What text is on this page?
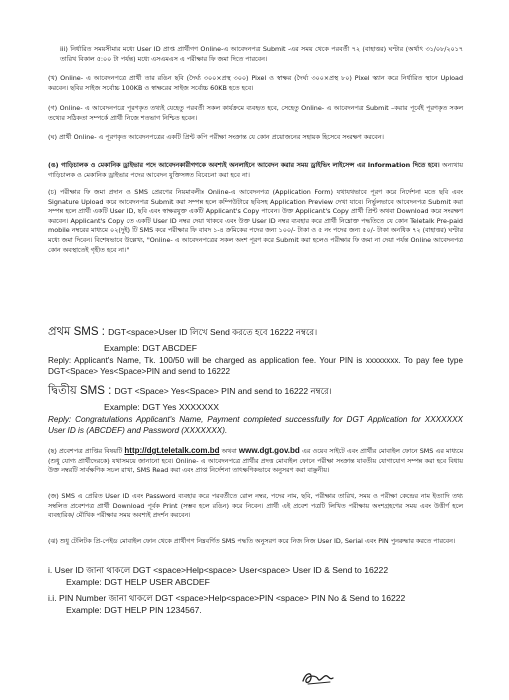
iii) নির্ধারিত সময়সীমার মধ্যে User ID প্রাপ্ত প্রার্থীগণ Online-এ আবেদনপত্র Submit -এর সময় থেকে পরবর্তী ৭২ (বাহাত্তর) ঘণ্টার (অর্থাৎ ৩১/০৮/২০১৭ তারিখ বিকাল ৫:০০ টা পর্যন্ত) মধ্যে এসএমএস এ পরীক্ষার ফি জমা দিতে পারবেন।

(খ) Online- এ আবেদনপত্রে প্রার্থী তার রঙিন ছবি (দৈর্ঘ্য ৩০০×প্রস্থ ৩০০) Pixel ও স্বাক্ষর (দৈর্ঘ্য ৩০০×প্রস্থ ৮০) Pixel স্ক্যান করে নির্ধারিত স্থানে Upload করবেন। ছবির সাইজ সর্বোচ্চ 100KB ও স্বাক্ষরের সাইজ সর্বোচ্চ 60KB হতে হবে।

(গ) Online- এ আবেদনপত্রে পূরণকৃত তথ্যই যেহেতু পরবর্তী সকল কার্যক্রমে ব্যবহৃত হবে, সেহেতু Online- এ আবেদনপত্র Submit –করার পূর্বেই পূরণকৃত সকল তথ্যের সঠিকতা সম্পর্কে প্রার্থী নিজে শতভাগ নিশ্চিত হবেন।

(ঘ) প্রার্থী Online- এ পূরণকৃত আবেদনপত্রের একটি প্রিন্ট কপি পরীক্ষা সংক্রান্ত যে কোন প্রয়োজনের সহায়ক হিসেবে সংরক্ষণ করবেন।

(ঙ) গাড়িচালক ও মেকানিক ড্রাইভার পদে আবেদনকারীগণকে অবশ্যই অনলাইনে আবেদন করার সময় ড্রাইভিং লাইসেন্স এর Information দিতে হবে। অন্যথায় গাড়িচালক ও মেকানিক ড্রাইভার পদের আবেদন যুক্তিসঙ্গত বিবেচনা করা হবে না।

(চ) পরীক্ষার ফি জমা প্রদান ও SMS প্রেরণের নিয়মাবলীঃ Online-এ আবেদনপত্র (Application Form) যথাযথভাবে পূরণ করে নির্দেশনা মতে ছবি এবং Signature Upload করে আবেদনপত্র Submit করা সম্পন্ন হলে কম্পিউটারে ছবিসহ Application Preview দেখা যাবে। নির্ভুলভাবে আবেদনপত্র Submit করা সম্পন্ন হলে প্রার্থী একটি User ID, ছবি এবং স্বাক্ষরযুক্ত একটি Applicant's Copy পাবেন। উক্ত Applicant's Copy প্রার্থী প্রিন্ট অথবা Download করে সংরক্ষণ করবেন। Applicant's Copy তে একটি User ID নম্বর দেয়া থাকবে এবং উক্ত User ID নম্বর ব্যবহার করে প্রার্থী নিম্নোক্ত পদ্ধতিতে যে কোন Teletalk Pre-paid mobile নম্বরের মাধ্যমে ০২(দুই) টি SMS করে পরীক্ষার ফি বাবদ ১-৪ ক্রমিকের পদের জন্য ১০০/- টাকা ও ৫ নং পদের জন্য ৫০/- টাকা অনধিক ৭২ (বাহাত্তর) ঘণ্টার মধ্যে জমা দিবেন। বিশেষভাবে উল্লেখ্য, "Online- এ আবেদনপত্রের সকল অংশ পূরণ করে Submit করা হলেও পরীক্ষার ফি জমা না দেয়া পর্যন্ত Online আবেদনপত্র কোন অবস্থাতেই গৃহীত হবে না।"

প্রথম SMS : DGT<space>User ID লিখে Send করতে হবে 16222 নম্বরে।
Example: DGT ABCDEF

Reply: Applicant's Name, Tk. 100/50 will be charged as application fee. Your PIN is xxxxxxxx. To pay fee type DGT<Space> Yes<Space>PIN and send to 16222

দ্বিতীয় SMS : DGT <Space> Yes<Space> PIN and send to 16222 নম্বরে।
Example: DGT Yes XXXXXXX

Reply: Congratulations Applicant's Name, Payment completed successfully for DGT Application for XXXXXXX User ID is (ABCDEF) and Password (XXXXXXX).

(ছ) প্রবেশপত্র প্রাপ্তির বিষয়টি http://dgt.teletalk.com.bd অথবা www.dgt.gov.bd এর ওয়েব সাইটে এবং প্রার্থীর মোবাইল ফোনে SMS এর মাধ্যমে (শুধু যোগ্য প্রার্থীদেরকে) যথাসময়ে জানানো হবে। Online- এ আবেদনপত্রে প্রার্থীর প্রদত্ত মোবাইল ফোনে পরীক্ষা সংক্রান্ত যাবতীয় যোগাযোগ সম্পন্ন করা হবে বিধায় উক্ত নম্বরটি সার্বক্ষণিক সচল রাখা, SMS Read করা এবং প্রাপ্ত নির্দেশনা তাৎক্ষণিকভাবে অনুসরণ করা বাঞ্ছনীয়।

(জ) SMS এ প্রেরিত User ID এবং Password ব্যবহার করে পরবর্তীতে রোল নম্বর, পদের নাম, ছবি, পরীক্ষার তারিখ, সময় ও পরীক্ষা কেন্দ্রের নাম ইত্যাদি তথ্য সম্বলিত প্রবেশপত্র প্রার্থী Download পূর্বক Print (সম্ভব হলে রঙিন) করে নিবেন। প্রার্থী এই প্রবেশ পত্রটি লিখিত পরীক্ষায় অংশগ্রহণের সময় এবং উত্তীর্ণ হলে ব্যবহারিক/ মৌখিক পরীক্ষার সময় অবশ্যই প্রদর্শন করবেন।

(ঝ) শুধু টেলিটক প্রি-পেইড মোবাইল ফোন থেকে প্রার্থীগণ নিম্নবর্ণিত SMS পদ্ধতি অনুসরণ করে নিজ নিজ User ID, Serial এবং PIN পুনরুদ্ধার করতে পারবেন।

i. User ID জানা থাকলে DGT <space>Help<space> User<space> User ID & Send to 16222
Example: DGT HELP USER ABCDEF
i.i. PIN Number জানা থাকলে DGT <space>Help<space>PIN <space> PIN No & Send to 16222
Example: DGT HELP PIN 1234567.
